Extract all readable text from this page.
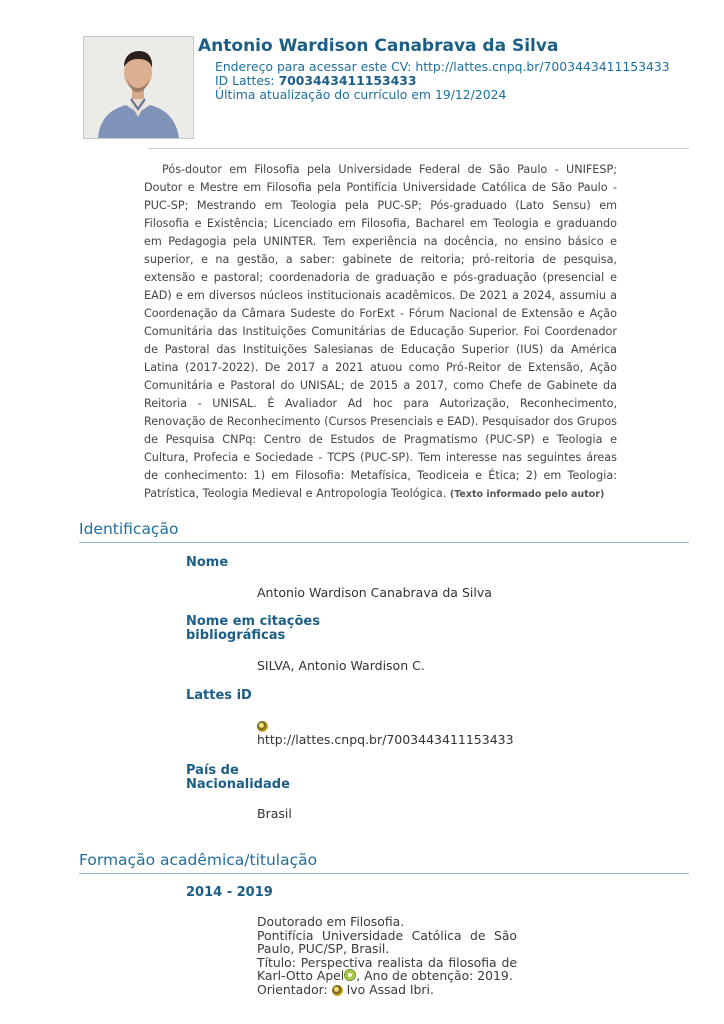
Antonio Wardison Canabrava da Silva
Endereço para acessar este CV: http://lattes.cnpq.br/7003443411153433
ID Lattes: 7003443411153433
Última atualização do currículo em 19/12/2024
Pós-doutor em Filosofia pela Universidade Federal de São Paulo - UNIFESP; Doutor e Mestre em Filosofia pela Pontifícia Universidade Católica de São Paulo - PUC-SP; Mestrando em Teologia pela PUC-SP; Pós-graduado (Lato Sensu) em Filosofia e Existência; Licenciado em Filosofia, Bacharel em Teologia e graduando em Pedagogia pela UNINTER. Tem experiência na docência, no ensino básico e superior, e na gestão, a saber: gabinete de reitoria; pró-reitoria de pesquisa, extensão e pastoral; coordenadoria de graduação e pós-graduação (presencial e EAD) e em diversos núcleos institucionais acadêmicos. De 2021 a 2024, assumiu a Coordenação da Câmara Sudeste do ForExt - Fórum Nacional de Extensão e Ação Comunitária das Instituições Comunitárias de Educação Superior. Foi Coordenador de Pastoral das Instituições Salesianas de Educação Superior (IUS) da América Latina (2017-2022). De 2017 a 2021 atuou como Pró-Reitor de Extensão, Ação Comunitária e Pastoral do UNISAL; de 2015 a 2017, como Chefe de Gabinete da Reitoria - UNISAL. É Avaliador Ad hoc para Autorização, Reconhecimento, Renovação de Reconhecimento (Cursos Presenciais e EAD). Pesquisador dos Grupos de Pesquisa CNPq: Centro de Estudos de Pragmatismo (PUC-SP) e Teologia e Cultura, Profecia e Sociedade - TCPS (PUC-SP). Tem interesse nas seguintes áreas de conhecimento: 1) em Filosofia: Metafísica, Teodiceia e Ética; 2) em Teologia: Patrística, Teologia Medieval e Antropologia Teológica. (Texto informado pelo autor)
Identificação
Nome
Antonio Wardison Canabrava da Silva
Nome em citações
bibliográficas
SILVA, Antonio Wardison C.
Lattes iD
http://lattes.cnpq.br/7003443411153433
País de
Nacionalidade
Brasil
Formação acadêmica/titulação
2014 - 2019
Doutorado em Filosofia.
Pontifícia Universidade Católica de São Paulo, PUC/SP, Brasil.
Título: Perspectiva realista da filosofia de Karl-Otto Apel , Ano de obtenção: 2019.
Orientador:  Ivo Assad Ibri.
